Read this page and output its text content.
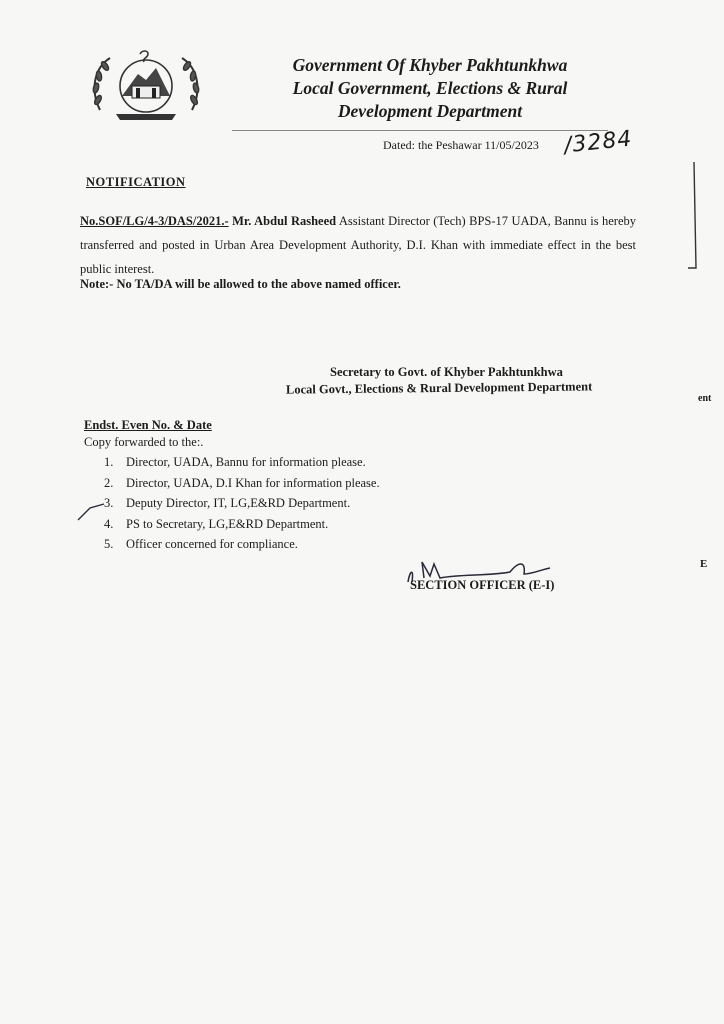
Government Of Khyber Pakhtunkhwa
Local Government, Elections & Rural
Development Department
Dated: the Peshawar 11/05/2023 /3284
NOTIFICATION
No.SOF/LG/4-3/DAS/2021.- Mr. Abdul Rasheed Assistant Director (Tech) BPS-17 UADA, Bannu is hereby transferred and posted in Urban Area Development Authority, D.I. Khan with immediate effect in the best public interest.
Note:- No TA/DA will be allowed to the above named officer.
Secretary to Govt. of Khyber Pakhtunkhwa
Local Govt., Elections & Rural Development Department
Endst. Even No. & Date
Copy forwarded to the:.
1. Director, UADA, Bannu for information please.
2. Director, UADA, D.I Khan for information please.
3. Deputy Director, IT, LG,E&RD Department.
4. PS to Secretary, LG,E&RD Department.
5. Officer concerned for compliance.
SECTION OFFICER (E-I)
ent
E
